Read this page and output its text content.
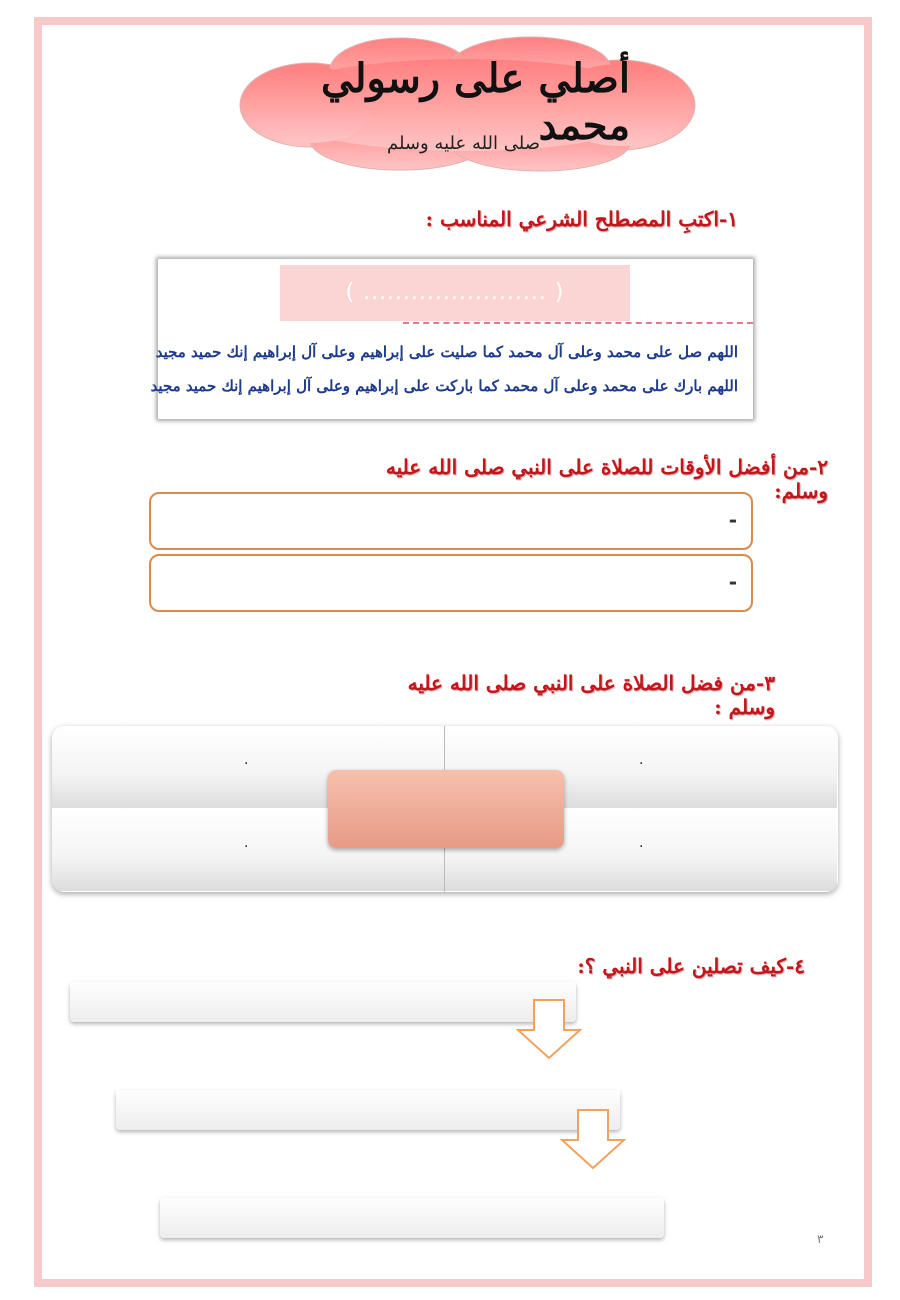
أصلي على رسولي محمد
صلى الله عليه وسلم
١-اكتبِ المصطلح الشرعي المناسب :
( ....................... )
اللهم صل على محمد وعلى آل محمد كما صليت على إبراهيم وعلى آل إبراهيم إنك حميد مجيد
اللهم بارك على محمد وعلى آل محمد كما باركت على إبراهيم وعلى آل إبراهيم إنك حميد مجيد
٢-من أفضل الأوقات للصلاة على النبي صلى الله عليه وسلم:
-
-
٣-من فضل الصلاة على النبي صلى الله عليه وسلم :
.	.
.	.
٤-كيف تصلين على النبي ؟:
٣
